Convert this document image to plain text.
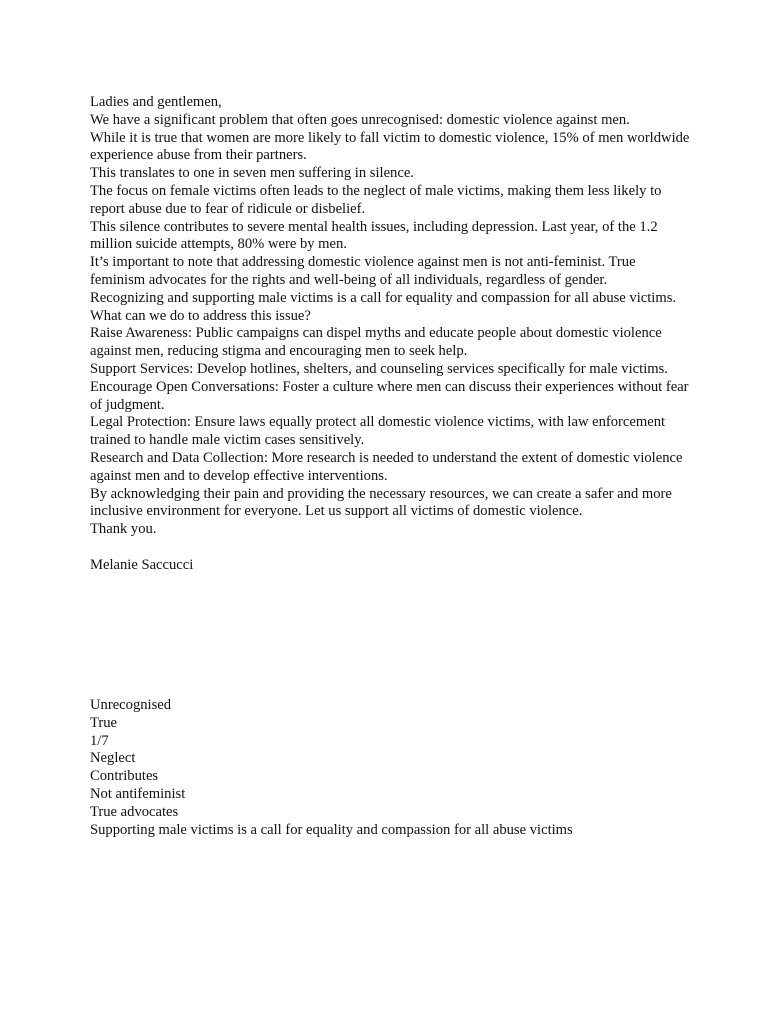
Ladies and gentlemen,

We have a significant problem that often goes unrecognised: domestic violence against men.

While it is true that women are more likely to fall victim to domestic violence, 15% of men worldwide experience abuse from their partners.

This translates to one in seven men suffering in silence.

The focus on female victims often leads to the neglect of male victims, making them less likely to report abuse due to fear of ridicule or disbelief.

This silence contributes to severe mental health issues, including depression. Last year, of the 1.2 million suicide attempts, 80% were by men.

It’s important to note that addressing domestic violence against men is not anti-feminist. True feminism advocates for the rights and well-being of all individuals, regardless of gender.

Recognizing and supporting male victims is a call for equality and compassion for all abuse victims.

What can we do to address this issue?

Raise Awareness: Public campaigns can dispel myths and educate people about domestic violence against men, reducing stigma and encouraging men to seek help.

Support Services: Develop hotlines, shelters, and counseling services specifically for male victims.

Encourage Open Conversations: Foster a culture where men can discuss their experiences without fear of judgment.

Legal Protection: Ensure laws equally protect all domestic violence victims, with law enforcement trained to handle male victim cases sensitively.

Research and Data Collection: More research is needed to understand the extent of domestic violence against men and to develop effective interventions.

By acknowledging their pain and providing the necessary resources, we can create a safer and more inclusive environment for everyone. Let us support all victims of domestic violence.

Thank you.

Melanie Saccucci

Unrecognised

True

1/7

Neglect

Contributes

Not antifeminist

True advocates

Supporting male victims is a call for equality and compassion for all abuse victims
